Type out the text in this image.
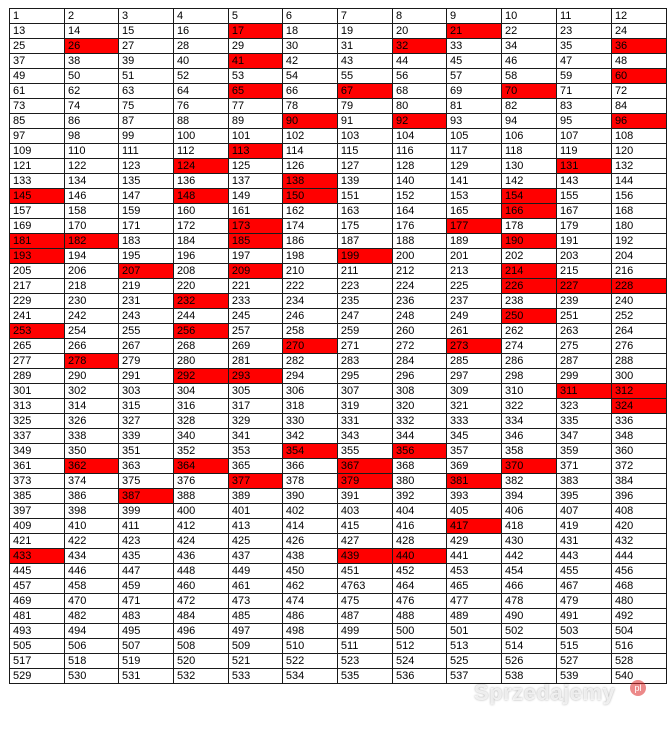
1	2	3	4	5	6	7	8	9	10	11	12
13	14	15	16	17	18	19	20	21	22	23	24
25	26	27	28	29	30	31	32	33	34	35	36
37	38	39	40	41	42	43	44	45	46	47	48
49	50	51	52	53	54	55	56	57	58	59	60
61	62	63	64	65	66	67	68	69	70	71	72
73	74	75	76	77	78	79	80	81	82	83	84
85	86	87	88	89	90	91	92	93	94	95	96
97	98	99	100	101	102	103	104	105	106	107	108
109	110	111	112	113	114	115	116	117	118	119	120
121	122	123	124	125	126	127	128	129	130	131	132
133	134	135	136	137	138	139	140	141	142	143	144
145	146	147	148	149	150	151	152	153	154	155	156
157	158	159	160	161	162	163	164	165	166	167	168
169	170	171	172	173	174	175	176	177	178	179	180
181	182	183	184	185	186	187	188	189	190	191	192
193	194	195	196	197	198	199	200	201	202	203	204
205	206	207	208	209	210	211	212	213	214	215	216
217	218	219	220	221	222	223	224	225	226	227	228
229	230	231	232	233	234	235	236	237	238	239	240
241	242	243	244	245	246	247	248	249	250	251	252
253	254	255	256	257	258	259	260	261	262	263	264
265	266	267	268	269	270	271	272	273	274	275	276
277	278	279	280	281	282	283	284	285	286	287	288
289	290	291	292	293	294	295	296	297	298	299	300
301	302	303	304	305	306	307	308	309	310	311	312
313	314	315	316	317	318	319	320	321	322	323	324
325	326	327	328	329	330	331	332	333	334	335	336
337	338	339	340	341	342	343	344	345	346	347	348
349	350	351	352	353	354	355	356	357	358	359	360
361	362	363	364	365	366	367	368	369	370	371	372
373	374	375	376	377	378	379	380	381	382	383	384
385	386	387	388	389	390	391	392	393	394	395	396
397	398	399	400	401	402	403	404	405	406	407	408
409	410	411	412	413	414	415	416	417	418	419	420
421	422	423	424	425	426	427	428	429	430	431	432
433	434	435	436	437	438	439	440	441	442	443	444
445	446	447	448	449	450	451	452	453	454	455	456
457	458	459	460	461	462	4763	464	465	466	467	468
469	470	471	472	473	474	475	476	477	478	479	480
481	482	483	484	485	486	487	488	489	490	491	492
493	494	495	496	497	498	499	500	501	502	503	504
505	506	507	508	509	510	511	512	513	514	515	516
517	518	519	520	521	522	523	524	525	526	527	528
529	530	531	532	533	534	535	536	537	538	539	540
Sprzedajemy	pl
